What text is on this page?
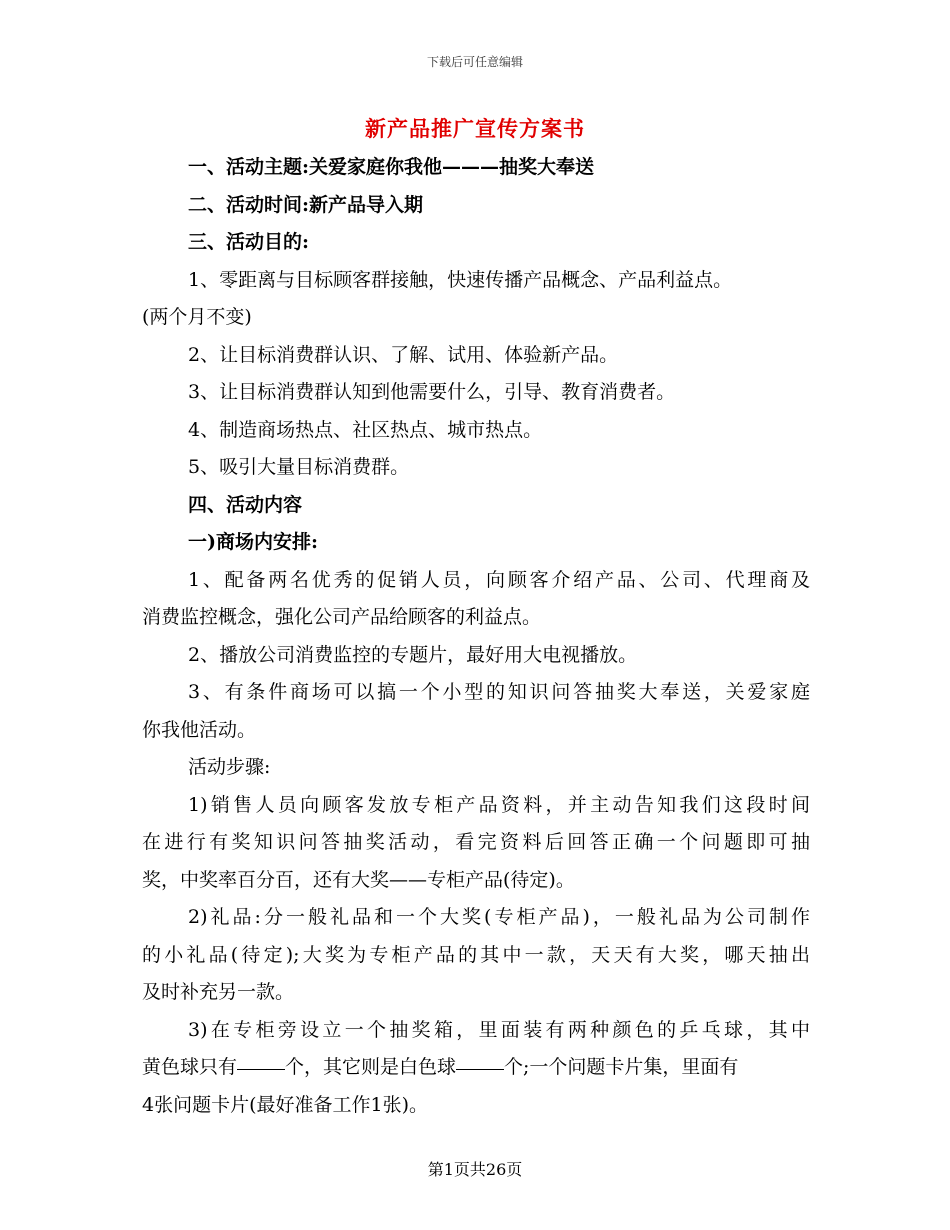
下载后可任意编辑
新产品推广宣传方案书
一、活动主题:关爱家庭你我他———抽奖大奉送
二、活动时间:新产品导入期
三、活动目的:
1、零距离与目标顾客群接触，快速传播产品概念、产品利益点。
(两个月不变)
2、让目标消费群认识、了解、试用、体验新产品。
3、让目标消费群认知到他需要什么，引导、教育消费者。
4、制造商场热点、社区热点、城市热点。
5、吸引大量目标消费群。
四、活动内容
一)商场内安排:
1、配备两名优秀的促销人员，向顾客介绍产品、公司、代理商及
消费监控概念，强化公司产品给顾客的利益点。
2、播放公司消费监控的专题片，最好用大电视播放。
3、有条件商场可以搞一个小型的知识问答抽奖大奉送，关爱家庭
你我他活动。
活动步骤:
1)销售人员向顾客发放专柜产品资料，并主动告知我们这段时间
在进行有奖知识问答抽奖活动，看完资料后回答正确一个问题即可抽
奖，中奖率百分百，还有大奖——专柜产品(待定)。
2)礼品:分一般礼品和一个大奖(专柜产品)，一般礼品为公司制作
的小礼品(待定);大奖为专柜产品的其中一款，天天有大奖，哪天抽出
及时补充另一款。
3)在专柜旁设立一个抽奖箱，里面装有两种颜色的乒乓球，其中
黄色球只有	个，其它则是白色球	个;一个问题卡片集，里面有
4张问题卡片(最好准备工作1张)。
第1页共26页
